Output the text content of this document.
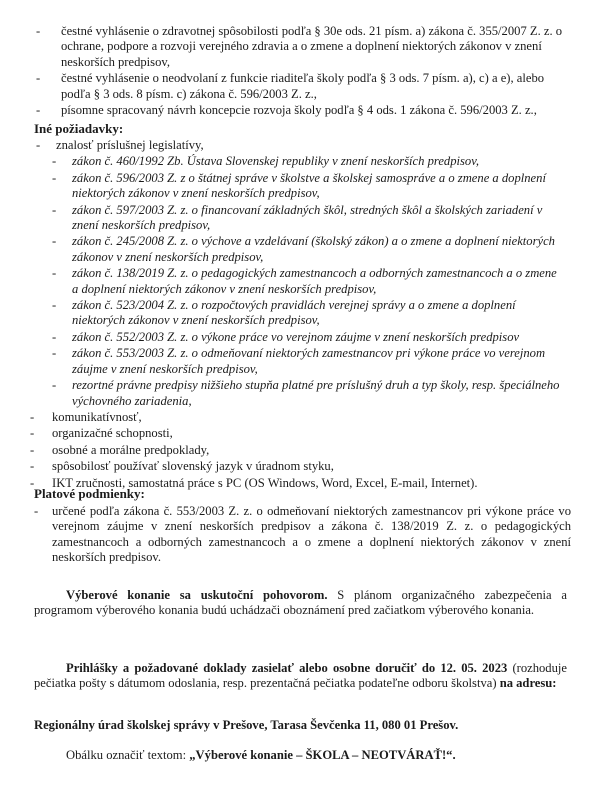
- čestné vyhlásenie o zdravotnej spôsobilosti podľa § 30e ods. 21 písm. a) zákona č. 355/2007 Z. z. o ochrane, podpore a rozvoji verejného zdravia a o zmene a doplnení niektorých zákonov v znení neskorších predpisov,
- čestné vyhlásenie o neodvolaní z funkcie riaditeľa školy podľa § 3 ods. 7 písm. a), c) a e), alebo podľa § 3 ods. 8 písm. c) zákona č. 596/2003 Z. z.,
- písomne spracovaný návrh koncepcie rozvoja školy podľa § 4 ods. 1 zákona č. 596/2003 Z. z.,
Iné požiadavky:
- znalosť príslušnej legislatívy,
- zákon č. 460/1992 Zb. Ústava Slovenskej republiky v znení neskorších predpisov,
- zákon č. 596/2003 Z. z o štátnej správe v školstve a školskej samospráve a o zmene a doplnení niektorých zákonov v znení neskorších predpisov,
- zákon č. 597/2003 Z. z. o financovaní základných škôl, stredných škôl a školských zariadení v znení neskorších predpisov,
- zákon č. 245/2008 Z. z. o výchove a vzdelávaní (školský zákon) a o zmene a doplnení niektorých zákonov v znení neskorších predpisov,
- zákon č. 138/2019 Z. z. o pedagogických zamestnancoch a odborných zamestnancoch a o zmene a doplnení niektorých zákonov v znení neskorších predpisov,
- zákon č. 523/2004 Z. z. o rozpočtových pravidlách verejnej správy a o zmene a doplnení niektorých zákonov v znení neskorších predpisov,
- zákon č. 552/2003 Z. z. o výkone práce vo verejnom záujme v znení neskorších predpisov
- zákon č. 553/2003 Z. z. o odmeňovaní niektorých zamestnancov pri výkone práce vo verejnom záujme v znení neskorších predpisov,
- rezortné právne predpisy nižšieho stupňa platné pre príslušný druh a typ školy, resp. špeciálneho výchovného zariadenia,
- komunikatívnosť,
- organizačné schopnosti,
- osobné a morálne predpoklady,
- spôsobilosť používať slovenský jazyk v úradnom styku,
- IKT zručnosti, samostatná práce s PC (OS Windows, Word, Excel, E-mail, Internet).
Platové podmienky:
- určené podľa zákona č. 553/2003 Z. z. o odmeňovaní niektorých zamestnancov pri výkone práce vo verejnom záujme v znení neskorších predpisov a zákona č. 138/2019 Z. z. o pedagogických zamestnancoch a odborných zamestnancoch a o zmene a doplnení niektorých zákonov v znení neskorších predpisov.
Výberové konanie sa uskutoční pohovorom. S plánom organizačného zabezpečenia a programom výberového konania budú uchádzači oboznámení pred začiatkom výberového konania.
Prihlášky a požadované doklady zasielať alebo osobne doručiť do 12. 05. 2023 (rozhoduje pečiatka pošty s dátumom odoslania, resp. prezentačná pečiatka podateľne odboru školstva) na adresu:
Regionálny úrad školskej správy v Prešove, Tarasa Ševčenka 11, 080 01 Prešov.
Obálku označiť textom: „Výberové konanie – ŠKOLA – NEOTVÁRAŤ!“.
